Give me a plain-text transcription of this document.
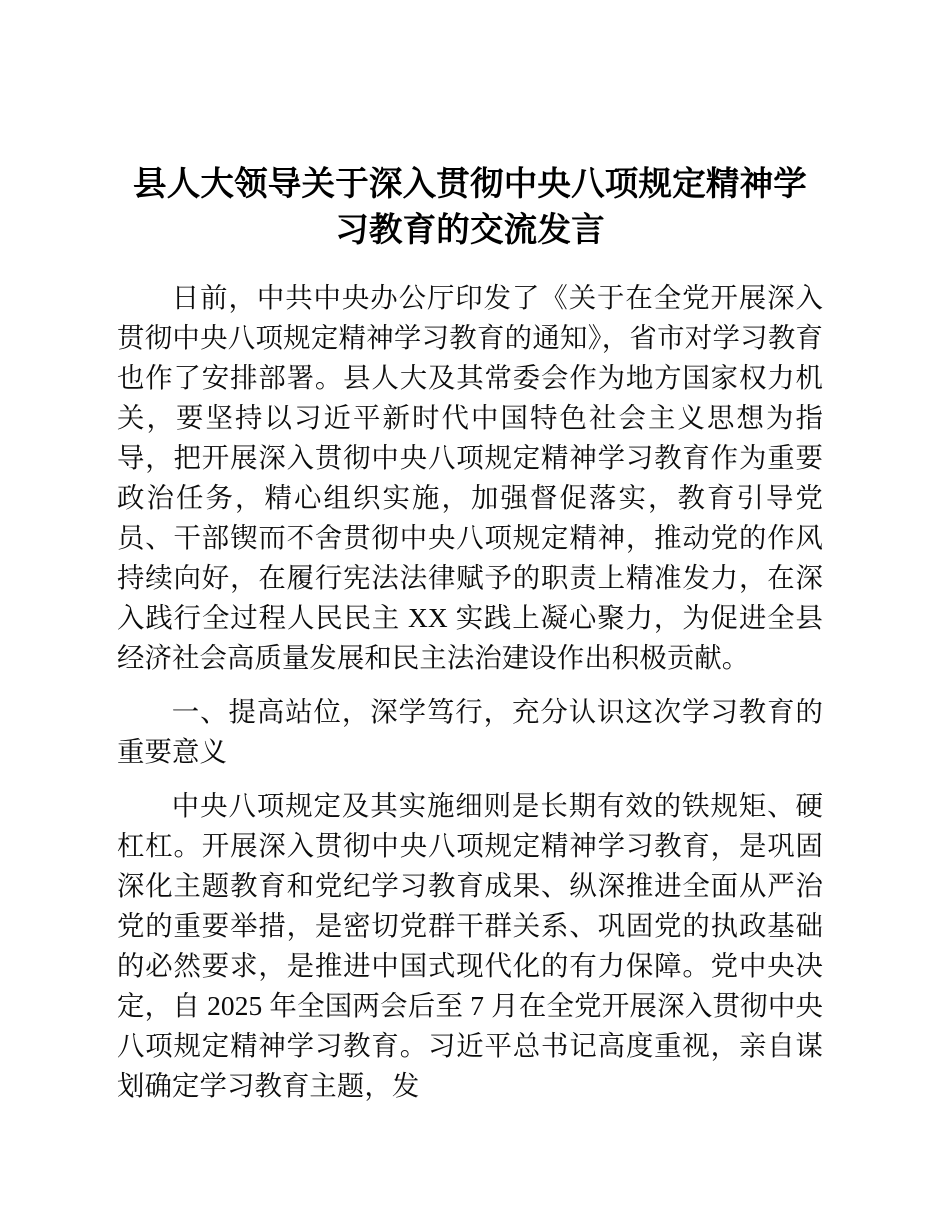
县人大领导关于深入贯彻中央八项规定精神学习教育的交流发言

日前，中共中央办公厅印发了《关于在全党开展深入贯彻中央八项规定精神学习教育的通知》，省市对学习教育也作了安排部署。县人大及其常委会作为地方国家权力机关，要坚持以习近平新时代中国特色社会主义思想为指导，把开展深入贯彻中央八项规定精神学习教育作为重要政治任务，精心组织实施，加强督促落实，教育引导党员、干部锲而不舍贯彻中央八项规定精神，推动党的作风持续向好，在履行宪法法律赋予的职责上精准发力，在深入践行全过程人民民主 XX 实践上凝心聚力，为促进全县经济社会高质量发展和民主法治建设作出积极贡献。

一、提高站位，深学笃行，充分认识这次学习教育的重要意义

中央八项规定及其实施细则是长期有效的铁规矩、硬杠杠。开展深入贯彻中央八项规定精神学习教育，是巩固深化主题教育和党纪学习教育成果、纵深推进全面从严治党的重要举措，是密切党群干群关系、巩固党的执政基础的必然要求，是推进中国式现代化的有力保障。党中央决定，自 2025 年全国两会后至 7 月在全党开展深入贯彻中央八项规定精神学习教育。习近平总书记高度重视，亲自谋划确定学习教育主题，发
